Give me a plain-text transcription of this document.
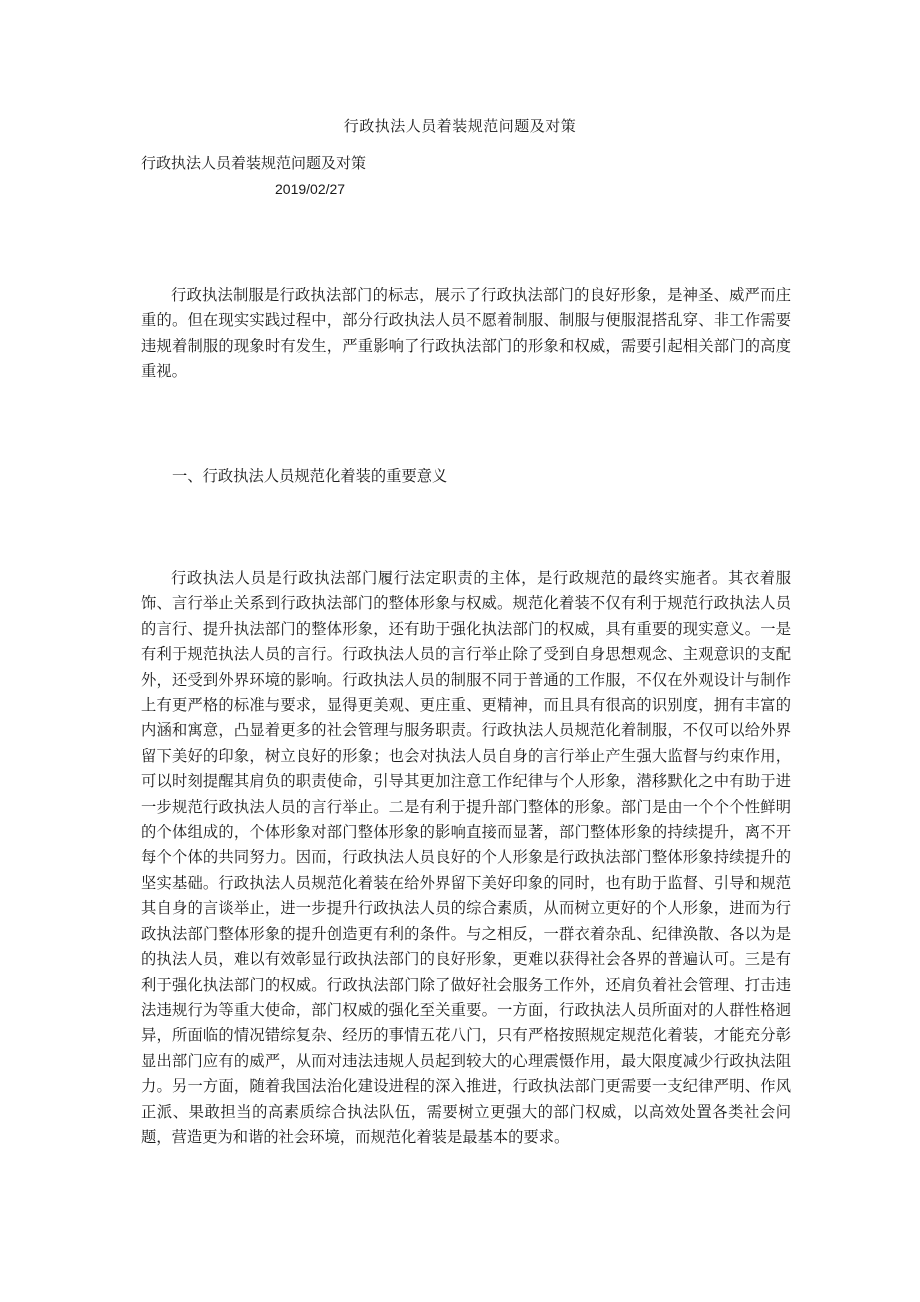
行政执法人员着装规范问题及对策
行政执法人员着装规范问题及对策
2019/02/27

行政执法制服是行政执法部门的标志，展示了行政执法部门的良好形象，是神圣、威严而庄重的。但在现实实践过程中，部分行政执法人员不愿着制服、制服与便服混搭乱穿、非工作需要违规着制服的现象时有发生，严重影响了行政执法部门的形象和权威，需要引起相关部门的高度重视。

一、行政执法人员规范化着装的重要意义

行政执法人员是行政执法部门履行法定职责的主体，是行政规范的最终实施者。其衣着服饰、言行举止关系到行政执法部门的整体形象与权威。规范化着装不仅有利于规范行政执法人员的言行、提升执法部门的整体形象，还有助于强化执法部门的权威，具有重要的现实意义。一是有利于规范执法人员的言行。行政执法人员的言行举止除了受到自身思想观念、主观意识的支配外，还受到外界环境的影响。行政执法人员的制服不同于普通的工作服，不仅在外观设计与制作上有更严格的标准与要求，显得更美观、更庄重、更精神，而且具有很高的识别度，拥有丰富的内涵和寓意，凸显着更多的社会管理与服务职责。行政执法人员规范化着制服，不仅可以给外界留下美好的印象，树立良好的形象；也会对执法人员自身的言行举止产生强大监督与约束作用，可以时刻提醒其肩负的职责使命，引导其更加注意工作纪律与个人形象，潜移默化之中有助于进一步规范行政执法人员的言行举止。二是有利于提升部门整体的形象。部门是由一个个个性鲜明的个体组成的，个体形象对部门整体形象的影响直接而显著，部门整体形象的持续提升，离不开每个个体的共同努力。因而，行政执法人员良好的个人形象是行政执法部门整体形象持续提升的坚实基础。行政执法人员规范化着装在给外界留下美好印象的同时，也有助于监督、引导和规范其自身的言谈举止，进一步提升行政执法人员的综合素质，从而树立更好的个人形象，进而为行政执法部门整体形象的提升创造更有利的条件。与之相反，一群衣着杂乱、纪律涣散、各以为是的执法人员，难以有效彰显行政执法部门的良好形象，更难以获得社会各界的普遍认可。三是有利于强化执法部门的权威。行政执法部门除了做好社会服务工作外，还肩负着社会管理、打击违法违规行为等重大使命，部门权威的强化至关重要。一方面，行政执法人员所面对的人群性格迥异，所面临的情况错综复杂、经历的事情五花八门，只有严格按照规定规范化着装，才能充分彰显出部门应有的威严，从而对违法违规人员起到较大的心理震慑作用，最大限度减少行政执法阻力。另一方面，随着我国法治化建设进程的深入推进，行政执法部门更需要一支纪律严明、作风正派、果敢担当的高素质综合执法队伍，需要树立更强大的部门权威，以高效处置各类社会问题，营造更为和谐的社会环境，而规范化着装是最基本的要求。
